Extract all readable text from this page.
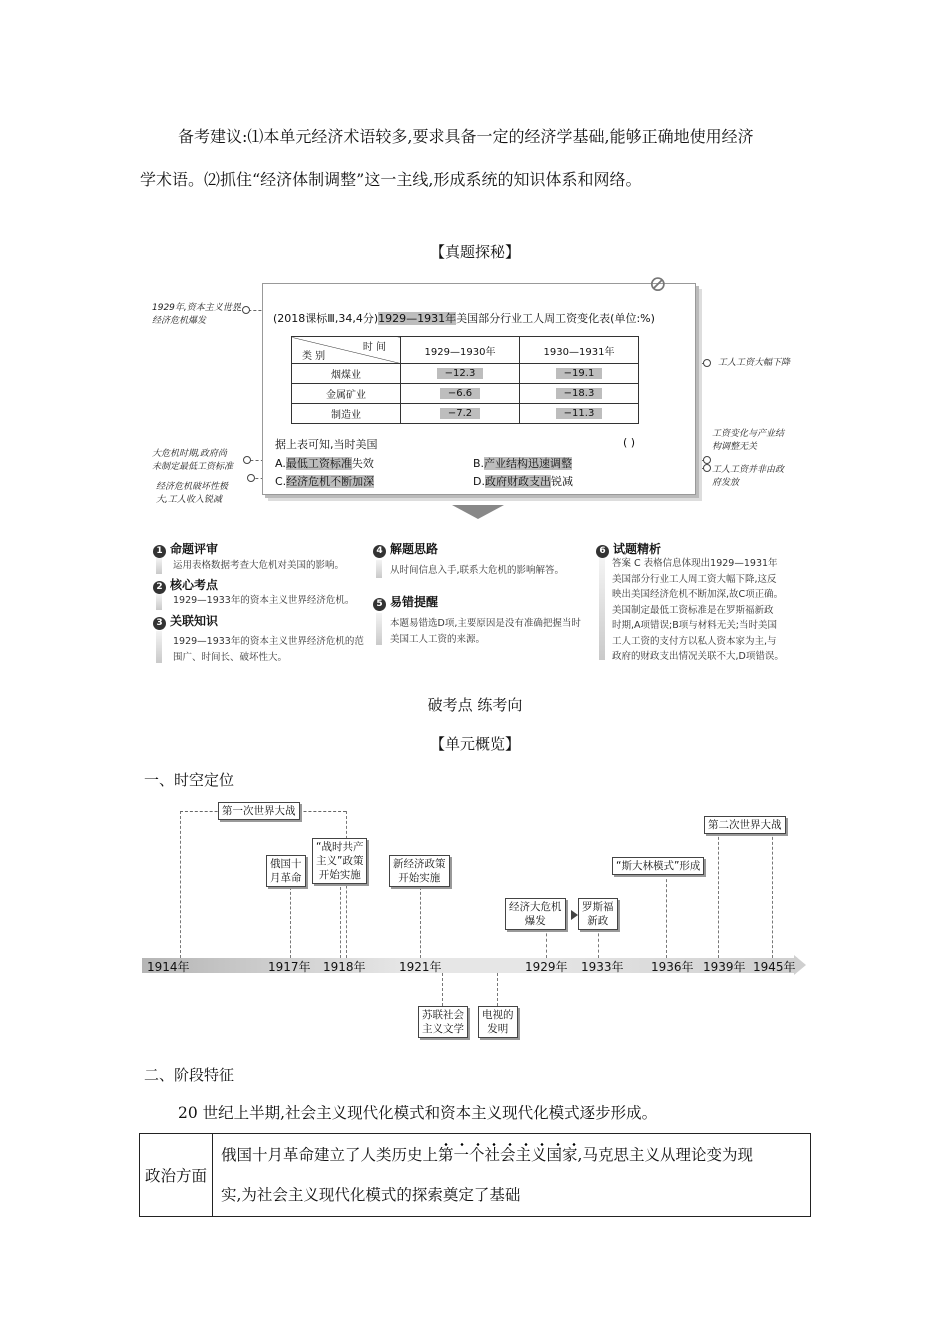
备考建议:⑴本单元经济术语较多,要求具备一定的经济学基础,能够正确地使用经济
学术语。⑵抓住“经济体制调整”这一主线,形成系统的知识体系和网络。
【真题探秘】
1929年,资本主义世界
经济危机爆发
大危机时期,政府尚
未制定最低工资标准
经济危机破坏性极
大,工人收入锐减
工人工资大幅下降
工资变化与产业结
构调整无关
工人工资并非由政
府发放
⊘
(2018课标Ⅲ,34,4分)1929—1931年美国部分行业工人周工资变化表(单位:%)
时 间
类 别	1929—1930年	1930—1931年
烟煤业	−12.3	−19.1
金属矿业	−6.6	−18.3
制造业	−7.2	−11.3
据上表可知,当时美国	( )
A.最低工资标准失效	B.产业结构迅速调整
C.经济危机不断加深	D.政府财政支出锐减
1 命题评审
运用表格数据考查大危机对美国的影响。
2 核心考点
1929—1933年的资本主义世界经济危机。
3 关联知识
1929—1933年的资本主义世界经济危机的范
围广、时间长、破坏性大。
4 解题思路
从时间信息入手,联系大危机的影响解答。
5 易错提醒
本题易错选D项,主要原因是没有准确把握当时
美国工人工资的来源。
6 试题精析
答案 C 表格信息体现出1929—1931年
美国部分行业工人周工资大幅下降,这反
映出美国经济危机不断加深,故C项正确。
美国制定最低工资标准是在罗斯福新政
时期,A项错误;B项与材料无关;当时美国
工人工资的支付方以私人资本家为主,与
政府的财政支出情况关联不大,D项错误。
破考点 练考向
【单元概览】
一、时空定位
1914年	1917年 1918年	1921年	1929年 1933年 1936年 1939年 1945年
第一次世界大战
俄国十
月革命
“战时共产
主义”政策
开始实施
新经济政策
开始实施
经济大危机
爆发
罗斯福
新政
“斯大林模式”形成
第二次世界大战
苏联社会
主义文学
电视的
发明
二、阶段特征
20 世纪上半期,社会主义现代化模式和资本主义现代化模式逐步形成。
政治方面	
俄国十月革命建立了人类历史上第一个社会主义国家,马克思主义从理论变为现
实,为社会主义现代化模式的探索奠定了基础
